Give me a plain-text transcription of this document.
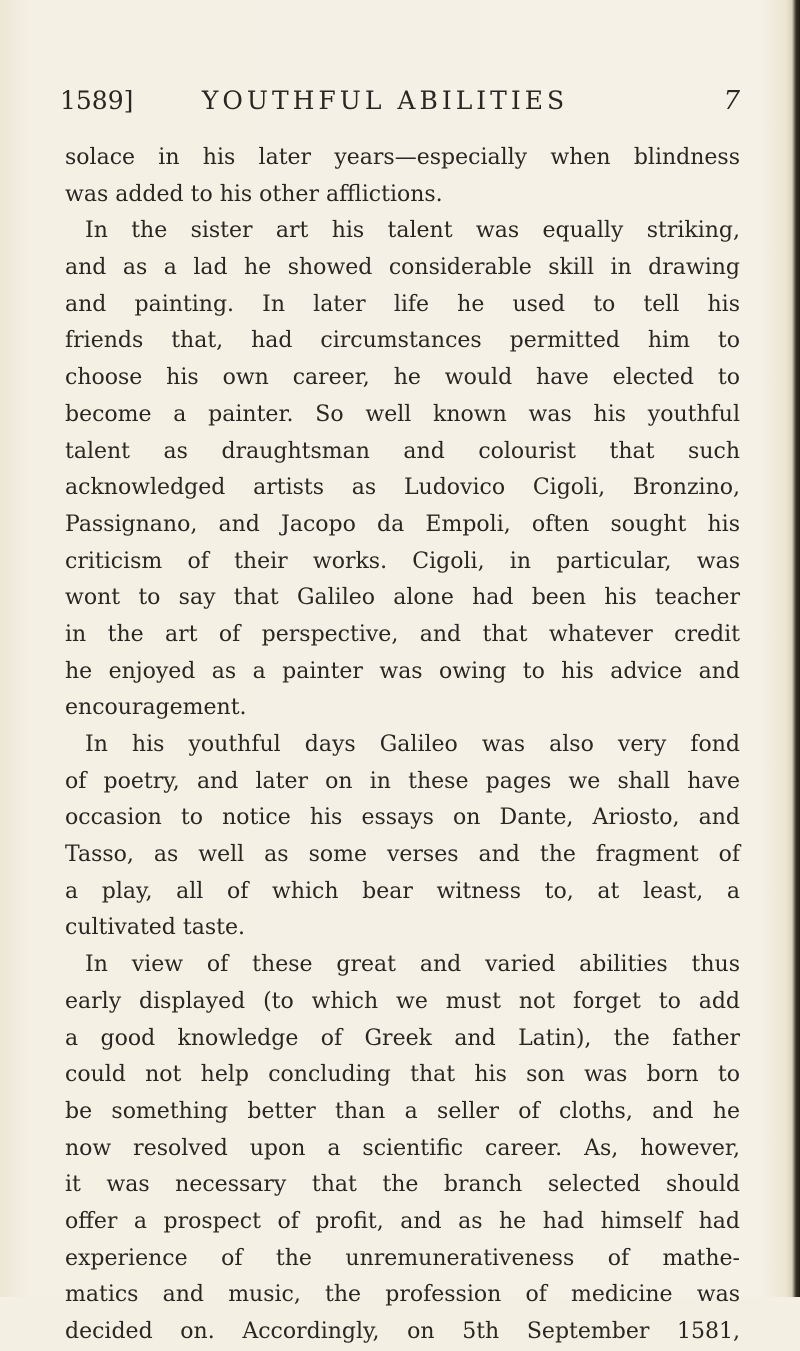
1589]	YOUTHFUL ABILITIES	7
solace in his later years—especially when blindness
was added to his other afflictions.
In the sister art his talent was equally striking,
and as a lad he showed considerable skill in drawing
and painting. In later life he used to tell his
friends that, had circumstances permitted him to
choose his own career, he would have elected to
become a painter. So well known was his youthful
talent as draughtsman and colourist that such
acknowledged artists as Ludovico Cigoli, Bronzino,
Passignano, and Jacopo da Empoli, often sought his
criticism of their works. Cigoli, in particular, was
wont to say that Galileo alone had been his teacher
in the art of perspective, and that whatever credit
he enjoyed as a painter was owing to his advice and
encouragement.
In his youthful days Galileo was also very fond
of poetry, and later on in these pages we shall have
occasion to notice his essays on Dante, Ariosto, and
Tasso, as well as some verses and the fragment of
a play, all of which bear witness to, at least, a
cultivated taste.
In view of these great and varied abilities thus
early displayed (to which we must not forget to add
a good knowledge of Greek and Latin), the father
could not help concluding that his son was born to
be something better than a seller of cloths, and he
now resolved upon a scientific career. As, however,
it was necessary that the branch selected should
offer a prospect of profit, and as he had himself had
experience of the unremunerativeness of mathe-
matics and music, the profession of medicine was
decided on. Accordingly, on 5th September 1581,
